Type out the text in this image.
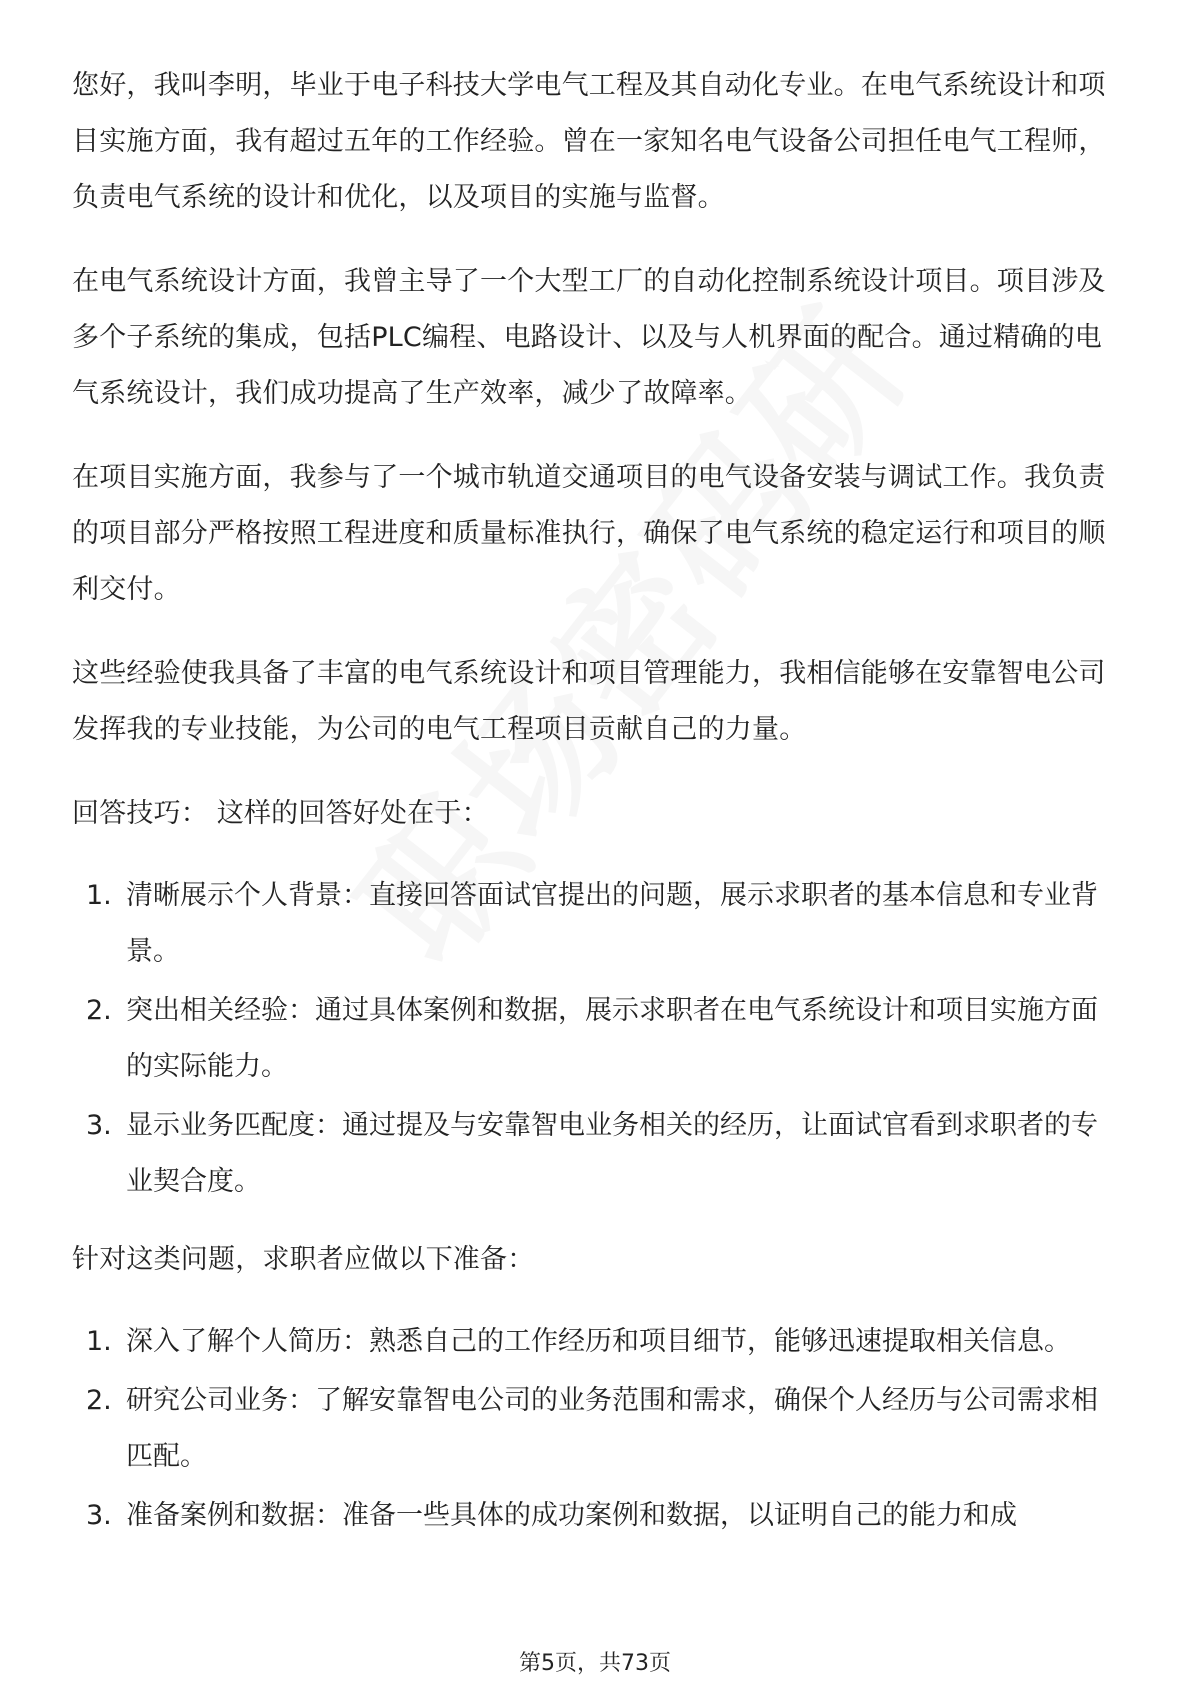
您好，我叫李明，毕业于电子科技大学电气工程及其自动化专业。在电气系统设计和项目实施方面，我有超过五年的工作经验。曾在一家知名电气设备公司担任电气工程师，负责电气系统的设计和优化，以及项目的实施与监督。

在电气系统设计方面，我曾主导了一个大型工厂的自动化控制系统设计项目。项目涉及多个子系统的集成，包括PLC编程、电路设计、以及与人机界面的配合。通过精确的电气系统设计，我们成功提高了生产效率，减少了故障率。

在项目实施方面，我参与了一个城市轨道交通项目的电气设备安装与调试工作。我负责的项目部分严格按照工程进度和质量标准执行，确保了电气系统的稳定运行和项目的顺利交付。

这些经验使我具备了丰富的电气系统设计和项目管理能力，我相信能够在安靠智电公司发挥我的专业技能，为公司的电气工程项目贡献自己的力量。

回答技巧： 这样的回答好处在于：

1. 清晰展示个人背景：直接回答面试官提出的问题，展示求职者的基本信息和专业背景。
2. 突出相关经验：通过具体案例和数据，展示求职者在电气系统设计和项目实施方面的实际能力。
3. 显示业务匹配度：通过提及与安靠智电业务相关的经历，让面试官看到求职者的专业契合度。

针对这类问题，求职者应做以下准备：

1. 深入了解个人简历：熟悉自己的工作经历和项目细节，能够迅速提取相关信息。
2. 研究公司业务：了解安靠智电公司的业务范围和需求，确保个人经历与公司需求相匹配。
3. 准备案例和数据：准备一些具体的成功案例和数据，以证明自己的能力和成
第5页，共73页
